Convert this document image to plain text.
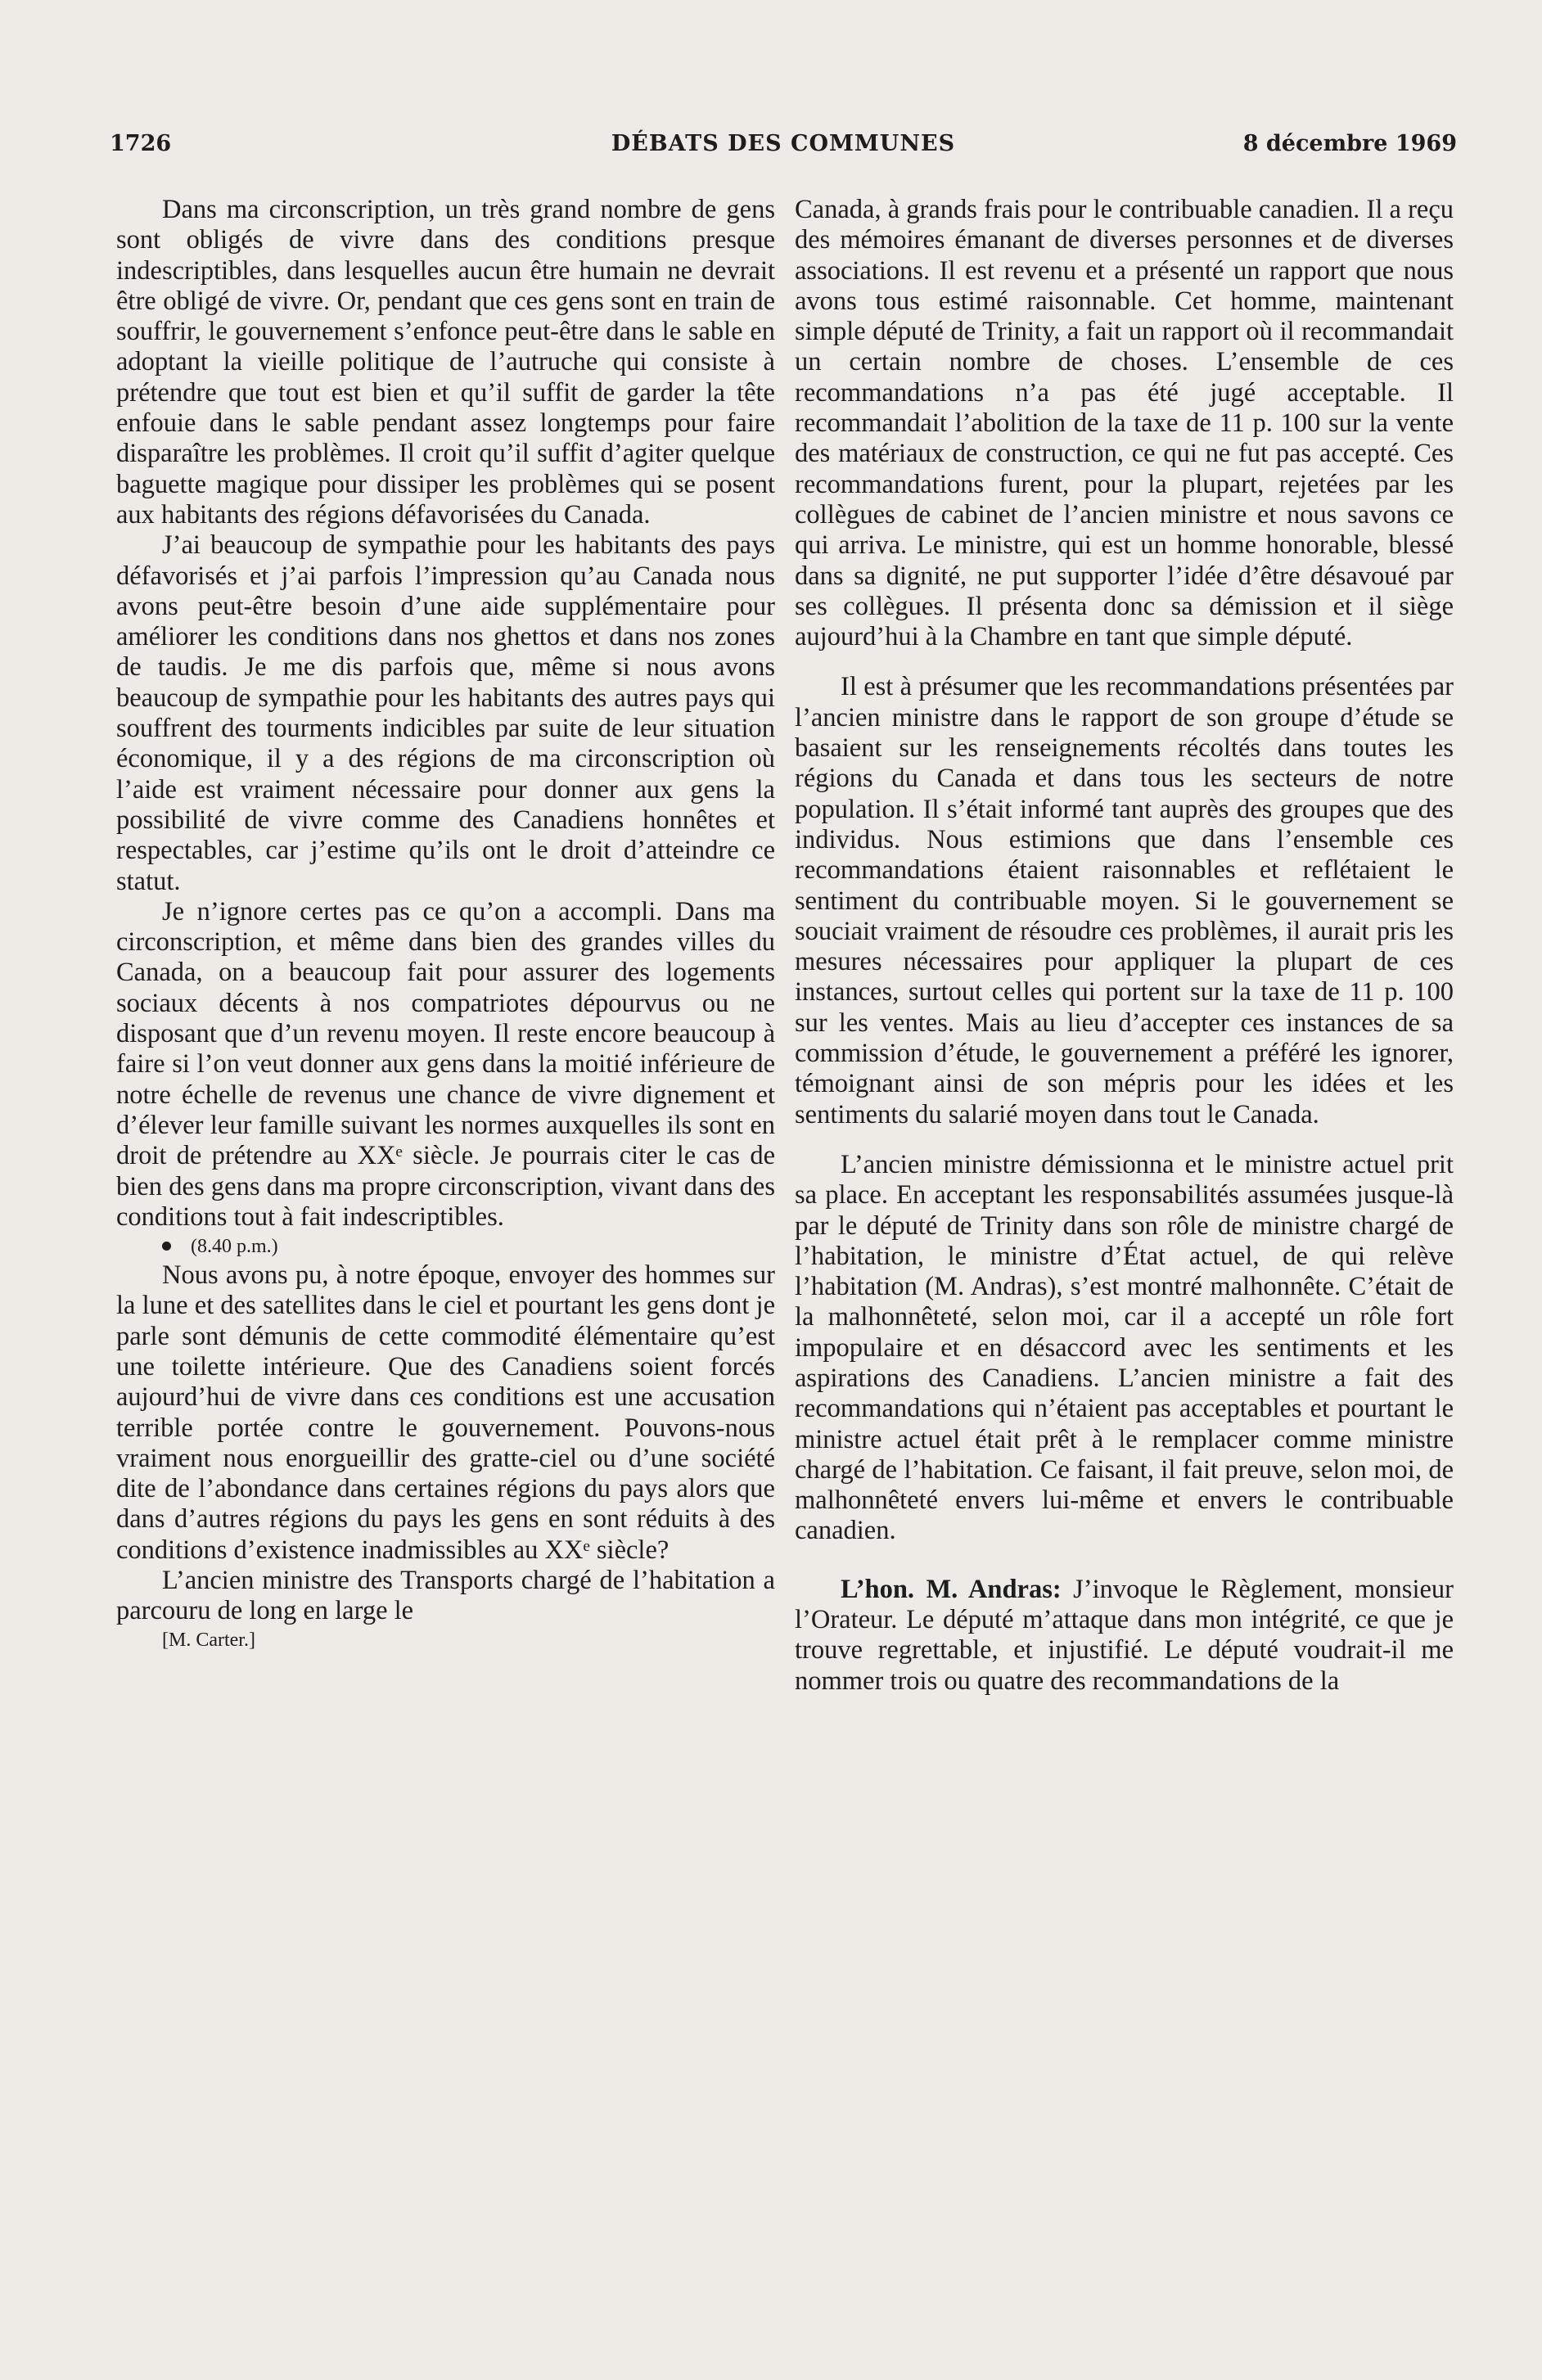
1726	DÉBATS DES COMMUNES	8 décembre 1969

Dans ma circonscription, un très grand nombre de gens sont obligés de vivre dans des conditions presque indescriptibles, dans lesquelles aucun être humain ne devrait être obligé de vivre. Or, pendant que ces gens sont en train de souffrir, le gouvernement s’enfonce peut-être dans le sable en adoptant la vieille politique de l’autruche qui consiste à prétendre que tout est bien et qu’il suffit de garder la tête enfouie dans le sable pendant assez longtemps pour faire disparaître les problèmes. Il croit qu’il suffit d’agiter quelque baguette magique pour dissiper les problèmes qui se posent aux habitants des régions défavorisées du Canada.

J’ai beaucoup de sympathie pour les habitants des pays défavorisés et j’ai parfois l’impression qu’au Canada nous avons peut-être besoin d’une aide supplémentaire pour améliorer les conditions dans nos ghettos et dans nos zones de taudis. Je me dis parfois que, même si nous avons beaucoup de sympathie pour les habitants des autres pays qui souffrent des tourments indicibles par suite de leur situation économique, il y a des régions de ma circonscription où l’aide est vraiment nécessaire pour donner aux gens la possibilité de vivre comme des Canadiens honnêtes et respectables, car j’estime qu’ils ont le droit d’atteindre ce statut.

Je n’ignore certes pas ce qu’on a accompli. Dans ma circonscription, et même dans bien des grandes villes du Canada, on a beaucoup fait pour assurer des logements sociaux décents à nos compatriotes dépourvus ou ne disposant que d’un revenu moyen. Il reste encore beaucoup à faire si l’on veut donner aux gens dans la moitié inférieure de notre échelle de revenus une chance de vivre dignement et d’élever leur famille suivant les normes auxquelles ils sont en droit de prétendre au XXᵉ siècle. Je pourrais citer le cas de bien des gens dans ma propre circonscription, vivant dans des conditions tout à fait indescriptibles.

(8.40 p.m.)

Nous avons pu, à notre époque, envoyer des hommes sur la lune et des satellites dans le ciel et pourtant les gens dont je parle sont démunis de cette commodité élémentaire qu’est une toilette intérieure. Que des Canadiens soient forcés aujourd’hui de vivre dans ces conditions est une accusation terrible portée contre le gouvernement. Pouvons-nous vraiment nous enorgueillir des gratte-ciel ou d’une société dite de l’abondance dans certaines régions du pays alors que dans d’autres régions du pays les gens en sont réduits à des conditions d’existence inadmissibles au XXᵉ siècle?

L’ancien ministre des Transports chargé de l’habitation a parcouru de long en large le

[M. Carter.]

Canada, à grands frais pour le contribuable canadien. Il a reçu des mémoires émanant de diverses personnes et de diverses associations. Il est revenu et a présenté un rapport que nous avons tous estimé raisonnable. Cet homme, maintenant simple député de Trinity, a fait un rapport où il recommandait un certain nombre de choses. L’ensemble de ces recommandations n’a pas été jugé acceptable. Il recommandait l’abolition de la taxe de 11 p. 100 sur la vente des matériaux de construction, ce qui ne fut pas accepté. Ces recommandations furent, pour la plupart, rejetées par les collègues de cabinet de l’ancien ministre et nous savons ce qui arriva. Le ministre, qui est un homme honorable, blessé dans sa dignité, ne put supporter l’idée d’être désavoué par ses collègues. Il présenta donc sa démission et il siège aujourd’hui à la Chambre en tant que simple député.

Il est à présumer que les recommandations présentées par l’ancien ministre dans le rapport de son groupe d’étude se basaient sur les renseignements récoltés dans toutes les régions du Canada et dans tous les secteurs de notre population. Il s’était informé tant auprès des groupes que des individus. Nous estimions que dans l’ensemble ces recommandations étaient raisonnables et reflétaient le sentiment du contribuable moyen. Si le gouvernement se souciait vraiment de résoudre ces problèmes, il aurait pris les mesures nécessaires pour appliquer la plupart de ces instances, surtout celles qui portent sur la taxe de 11 p. 100 sur les ventes. Mais au lieu d’accepter ces instances de sa commission d’étude, le gouvernement a préféré les ignorer, témoignant ainsi de son mépris pour les idées et les sentiments du salarié moyen dans tout le Canada.

L’ancien ministre démissionna et le ministre actuel prit sa place. En acceptant les responsabilités assumées jusque-là par le député de Trinity dans son rôle de ministre chargé de l’habitation, le ministre d’État actuel, de qui relève l’habitation (M. Andras), s’est montré malhonnête. C’était de la malhonnêteté, selon moi, car il a accepté un rôle fort impopulaire et en désaccord avec les sentiments et les aspirations des Canadiens. L’ancien ministre a fait des recommandations qui n’étaient pas acceptables et pourtant le ministre actuel était prêt à le remplacer comme ministre chargé de l’habitation. Ce faisant, il fait preuve, selon moi, de malhonnêteté envers lui-même et envers le contribuable canadien.

L’hon. M. Andras: J’invoque le Règlement, monsieur l’Orateur. Le député m’attaque dans mon intégrité, ce que je trouve regrettable, et injustifié. Le député voudrait-il me nommer trois ou quatre des recommandations de la
